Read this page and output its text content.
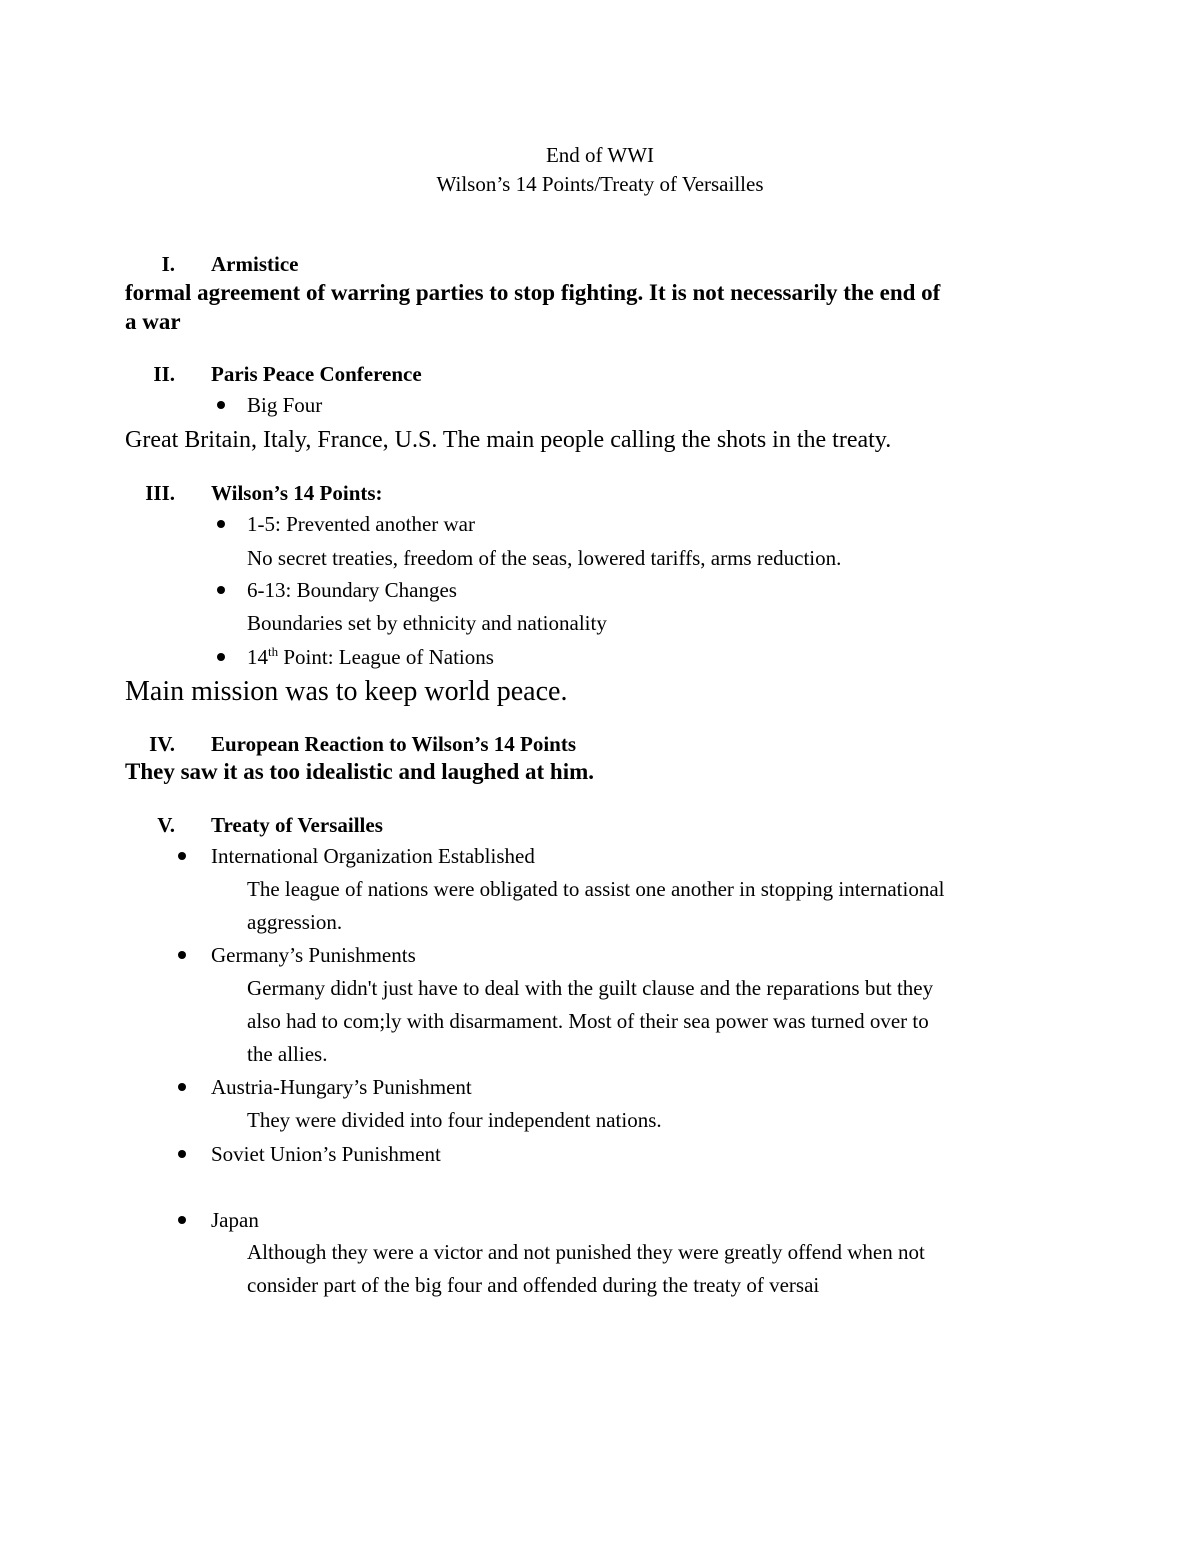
End of WWI
Wilson’s 14 Points/Treaty of Versailles
I. Armistice
formal agreement of warring parties to stop fighting. It is not necessarily the end of
a war
II. Paris Peace Conference
Big Four
Great Britain, Italy, France, U.S. The main people calling the shots in the treaty.
III. Wilson’s 14 Points:
1-5: Prevented another war
No secret treaties, freedom of the seas, lowered tariffs, arms reduction.
6-13: Boundary Changes
Boundaries set by ethnicity and nationality
14th Point: League of Nations
Main mission was to keep world peace.
IV. European Reaction to Wilson’s 14 Points
They saw it as too idealistic and laughed at him.
V. Treaty of Versailles
International Organization Established
The league of nations were obligated to assist one another in stopping international
aggression.
Germany’s Punishments
Germany didn't just have to deal with the guilt clause and the reparations but they
also had to com;ly with disarmament. Most of their sea power was turned over to
the allies.
Austria-Hungary’s Punishment
They were divided into four independent nations.
Soviet Union’s Punishment
Japan
Although they were a victor and not punished they were greatly offend when not
consider part of the big four and offended during the treaty of versai
